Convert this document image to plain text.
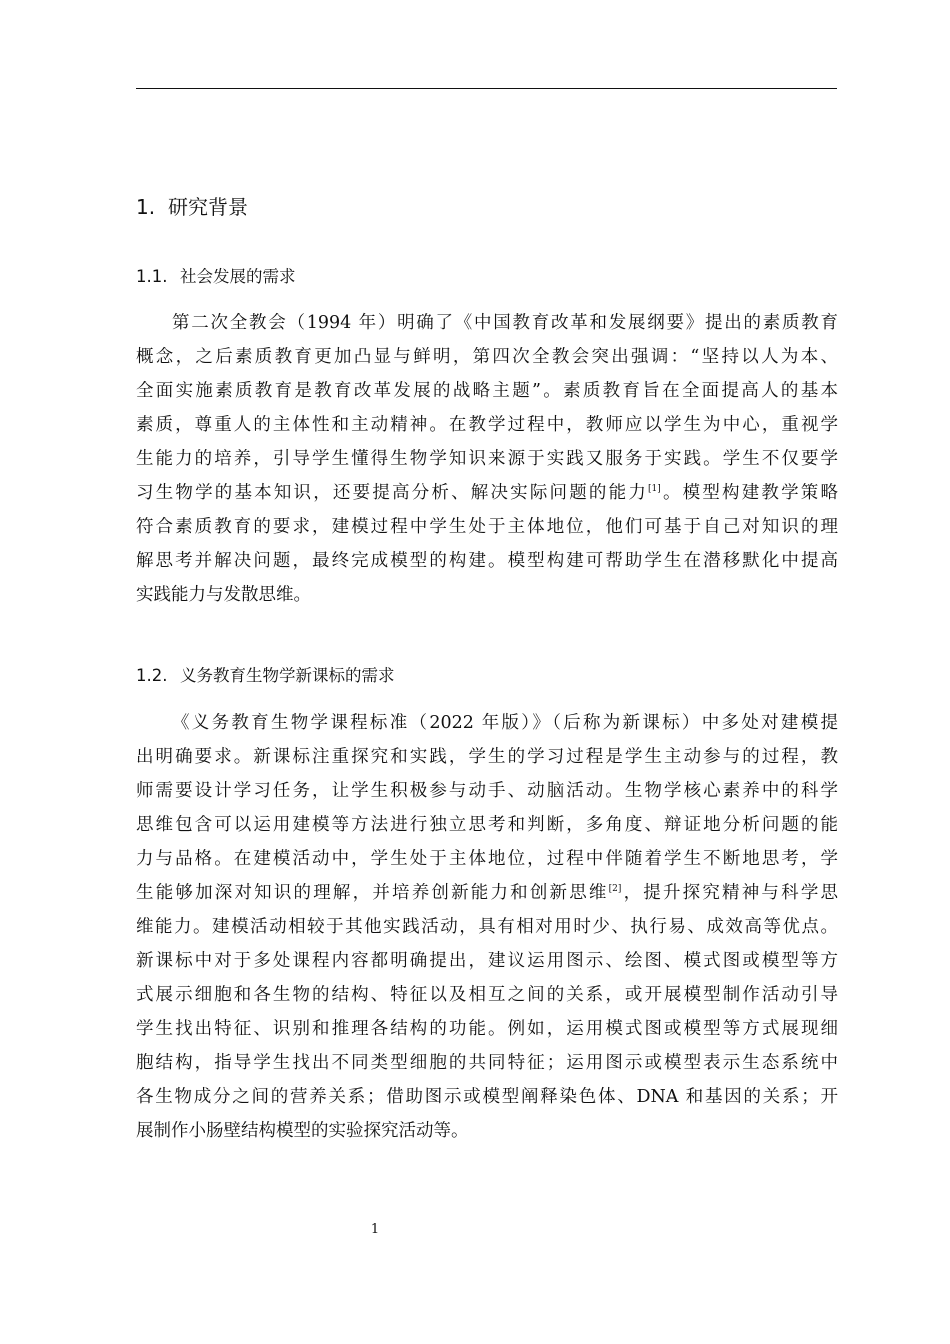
1. 研究背景
1.1. 社会发展的需求
第二次全教会（1994 年）明确了《中国教育改革和发展纲要》提出的素质教育
概念，之后素质教育更加凸显与鲜明，第四次全教会突出强调：“坚持以人为本、
全面实施素质教育是教育改革发展的战略主题”。素质教育旨在全面提高人的基本
素质，尊重人的主体性和主动精神。在教学过程中，教师应以学生为中心，重视学
生能力的培养，引导学生懂得生物学知识来源于实践又服务于实践。学生不仅要学
习生物学的基本知识，还要提高分析、解决实际问题的能力[1]。模型构建教学策略
符合素质教育的要求，建模过程中学生处于主体地位，他们可基于自己对知识的理
解思考并解决问题，最终完成模型的构建。模型构建可帮助学生在潜移默化中提高
实践能力与发散思维。
1.2. 义务教育生物学新课标的需求
《义务教育生物学课程标准（2022 年版）》（后称为新课标）中多处对建模提
出明确要求。新课标注重探究和实践，学生的学习过程是学生主动参与的过程，教
师需要设计学习任务，让学生积极参与动手、动脑活动。生物学核心素养中的科学
思维包含可以运用建模等方法进行独立思考和判断，多角度、辩证地分析问题的能
力与品格。在建模活动中，学生处于主体地位，过程中伴随着学生不断地思考，学
生能够加深对知识的理解，并培养创新能力和创新思维[2]，提升探究精神与科学思
维能力。建模活动相较于其他实践活动，具有相对用时少、执行易、成效高等优点。
新课标中对于多处课程内容都明确提出，建议运用图示、绘图、模式图或模型等方
式展示细胞和各生物的结构、特征以及相互之间的关系，或开展模型制作活动引导
学生找出特征、识别和推理各结构的功能。例如，运用模式图或模型等方式展现细
胞结构，指导学生找出不同类型细胞的共同特征；运用图示或模型表示生态系统中
各生物成分之间的营养关系；借助图示或模型阐释染色体、DNA 和基因的关系；开
展制作小肠壁结构模型的实验探究活动等。
1
